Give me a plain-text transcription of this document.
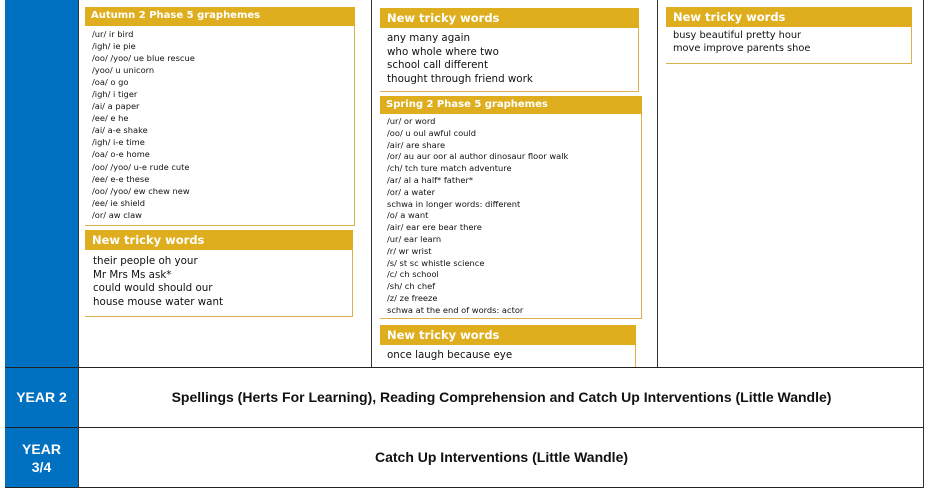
Autumn 2 Phase 5 graphemes
/ur/ ir bird
/igh/ ie pie
/oo/ /yoo/ ue blue rescue
/yoo/ u unicorn
/oa/ o go
/igh/ i tiger
/ai/ a paper
/ee/ e he
/ai/ a-e shake
/igh/ i-e time
/oa/ o-e home
/oo/ /yoo/ u-e rude cute
/ee/ e-e these
/oo/ /yoo/ ew chew new
/ee/ ie shield
/or/ aw claw
New tricky words
their people oh your
Mr Mrs Ms ask*
could would should our
house mouse water want
New tricky words
any many again
who whole where two
school call different
thought through friend work
Spring 2 Phase 5 graphemes
/ur/ or word
/oo/ u oul awful could
/air/ are share
/or/ au aur oor al author dinosaur floor walk
/ch/ tch ture match adventure
/ar/ al a half* father*
/or/ a water
schwa in longer words: different
/o/ a want
/air/ ear ere bear there
/ur/ ear learn
/r/ wr wrist
/s/ st sc whistle science
/c/ ch school
/sh/ ch chef
/z/ ze freeze
schwa at the end of words: actor
New tricky words
once laugh because eye
New tricky words
busy beautiful pretty hour
move improve parents shoe
YEAR 2	Spellings (Herts For Learning), Reading Comprehension and Catch Up Interventions (Little Wandle)
YEAR
3/4
Catch Up Interventions (Little Wandle)
